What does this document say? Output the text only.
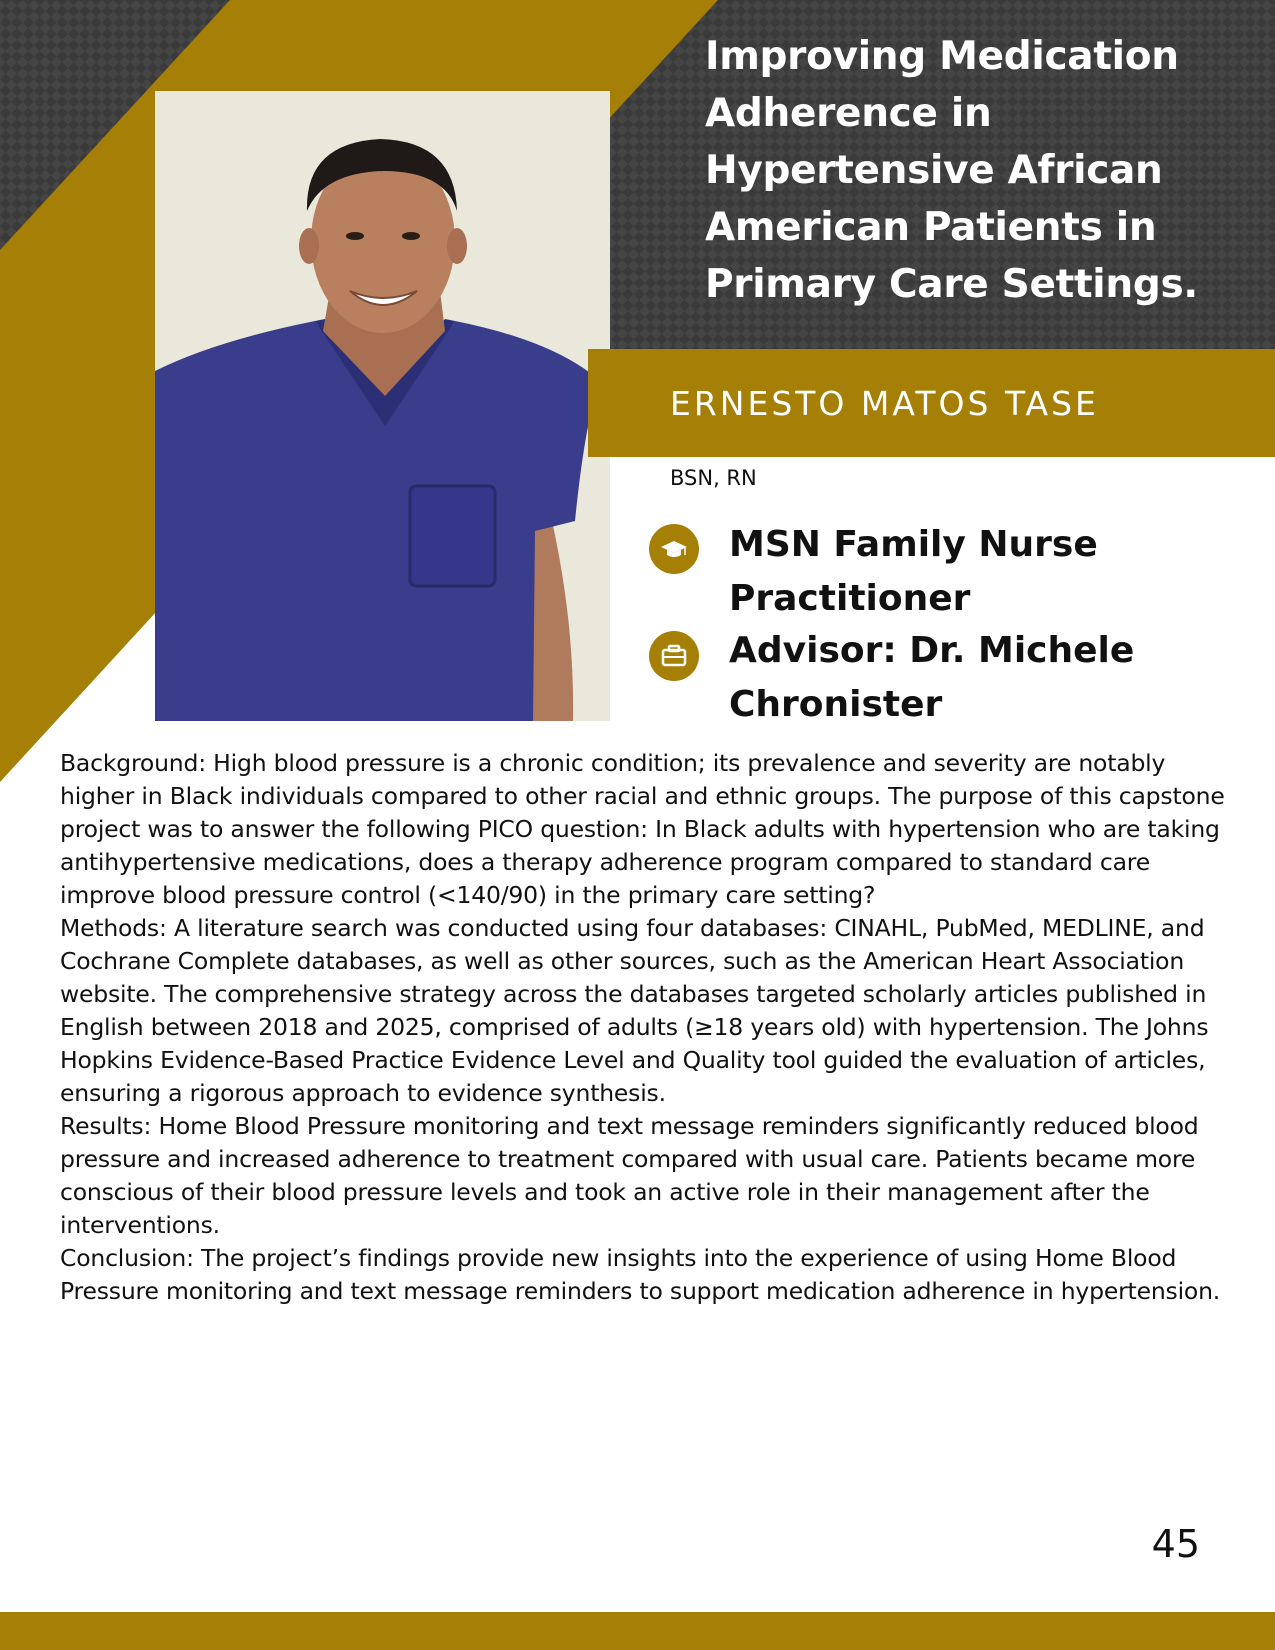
Improving Medication Adherence in Hypertensive African American Patients in Primary Care Settings.
ERNESTO MATOS TASE
BSN, RN
MSN Family Nurse Practitioner
Advisor: Dr. Michele Chronister

Background: High blood pressure is a chronic condition; its prevalence and severity are notably higher in Black individuals compared to other racial and ethnic groups. The purpose of this capstone project was to answer the following PICO question: In Black adults with hypertension who are taking antihypertensive medications, does a therapy adherence program compared to standard care improve blood pressure control (<140/90) in the primary care setting?

Methods: A literature search was conducted using four databases: CINAHL, PubMed, MEDLINE, and Cochrane Complete databases, as well as other sources, such as the American Heart Association website. The comprehensive strategy across the databases targeted scholarly articles published in English between 2018 and 2025, comprised of adults (≥18 years old) with hypertension. The Johns Hopkins Evidence-Based Practice Evidence Level and Quality tool guided the evaluation of articles, ensuring a rigorous approach to evidence synthesis.

Results: Home Blood Pressure monitoring and text message reminders significantly reduced blood pressure and increased adherence to treatment compared with usual care. Patients became more conscious of their blood pressure levels and took an active role in their management after the interventions.

Conclusion: The project’s findings provide new insights into the experience of using Home Blood Pressure monitoring and text message reminders to support medication adherence in hypertension.

45
